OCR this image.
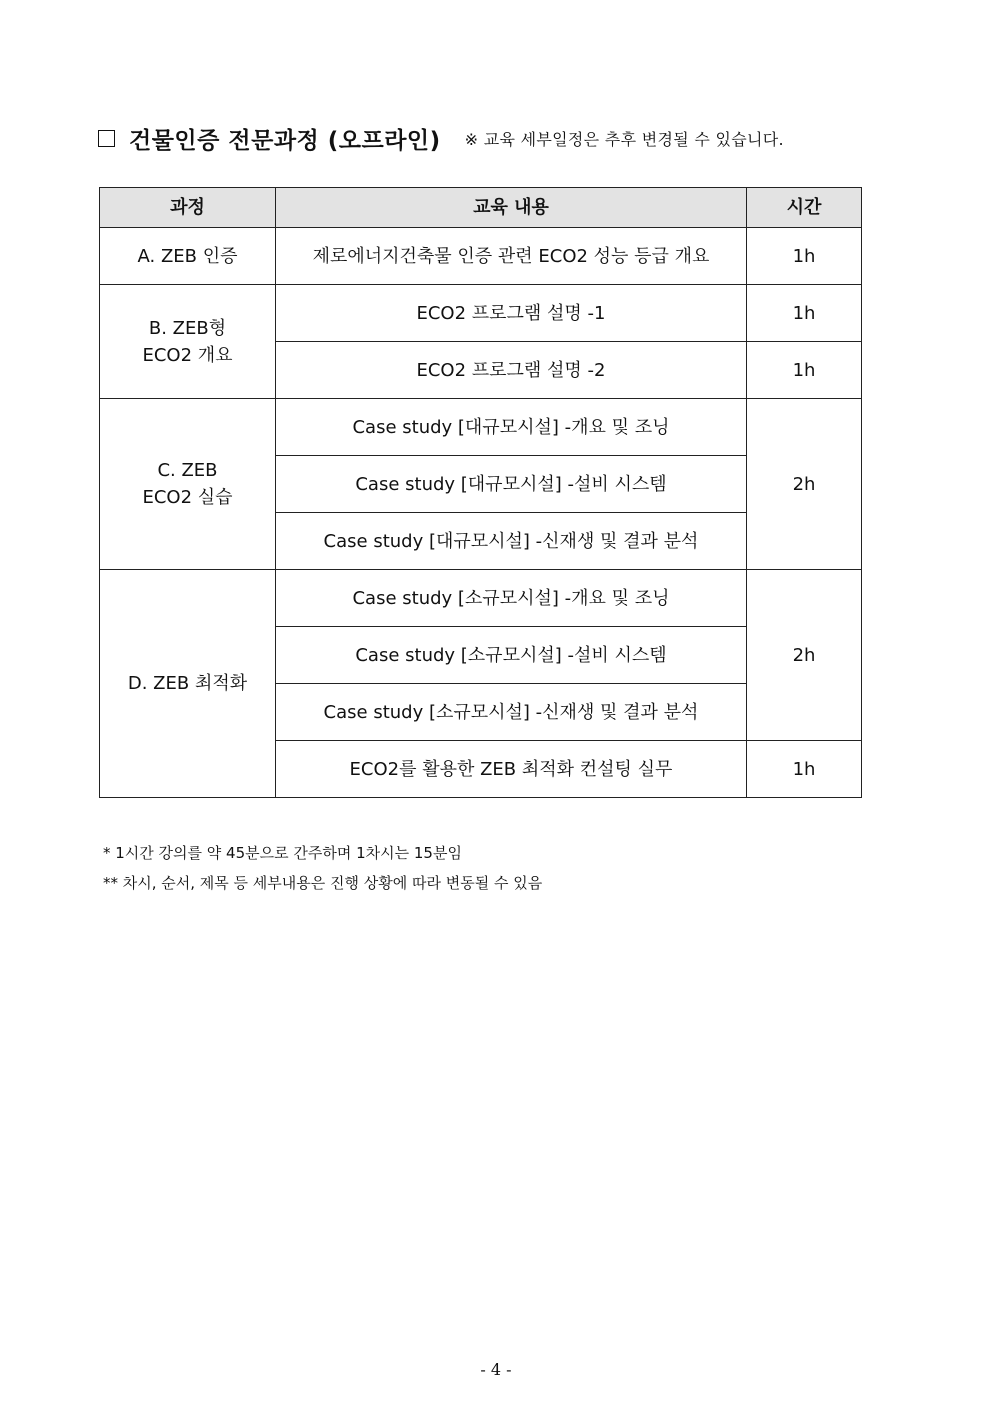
건물인증 전문과정 (오프라인) ※ 교육 세부일정은 추후 변경될 수 있습니다.
과정	교육 내용	시간
A. ZEB 인증	제로에너지건축물 인증 관련 ECO2 성능 등급 개요	1h

B. ZEB형
ECO2 개요	ECO2 프로그램 설명 -1	1h
	ECO2 프로그램 설명 -2	1h

C. ZEB
ECO2 실습	Case study [대규모시설] -개요 및 조닝	2h
	Case study [대규모시설] -설비 시스템	
	Case study [대규모시설] -신재생 및 결과 분석	
D. ZEB 최적화	Case study [소규모시설] -개요 및 조닝	2h
	Case study [소규모시설] -설비 시스템	
	Case study [소규모시설] -신재생 및 결과 분석	
	ECO2를 활용한 ZEB 최적화 컨설팅 실무	1h
* 1시간 강의를 약 45분으로 간주하며 1차시는 15분임
** 차시, 순서, 제목 등 세부내용은 진행 상황에 따라 변동될 수 있음
- 4 -
